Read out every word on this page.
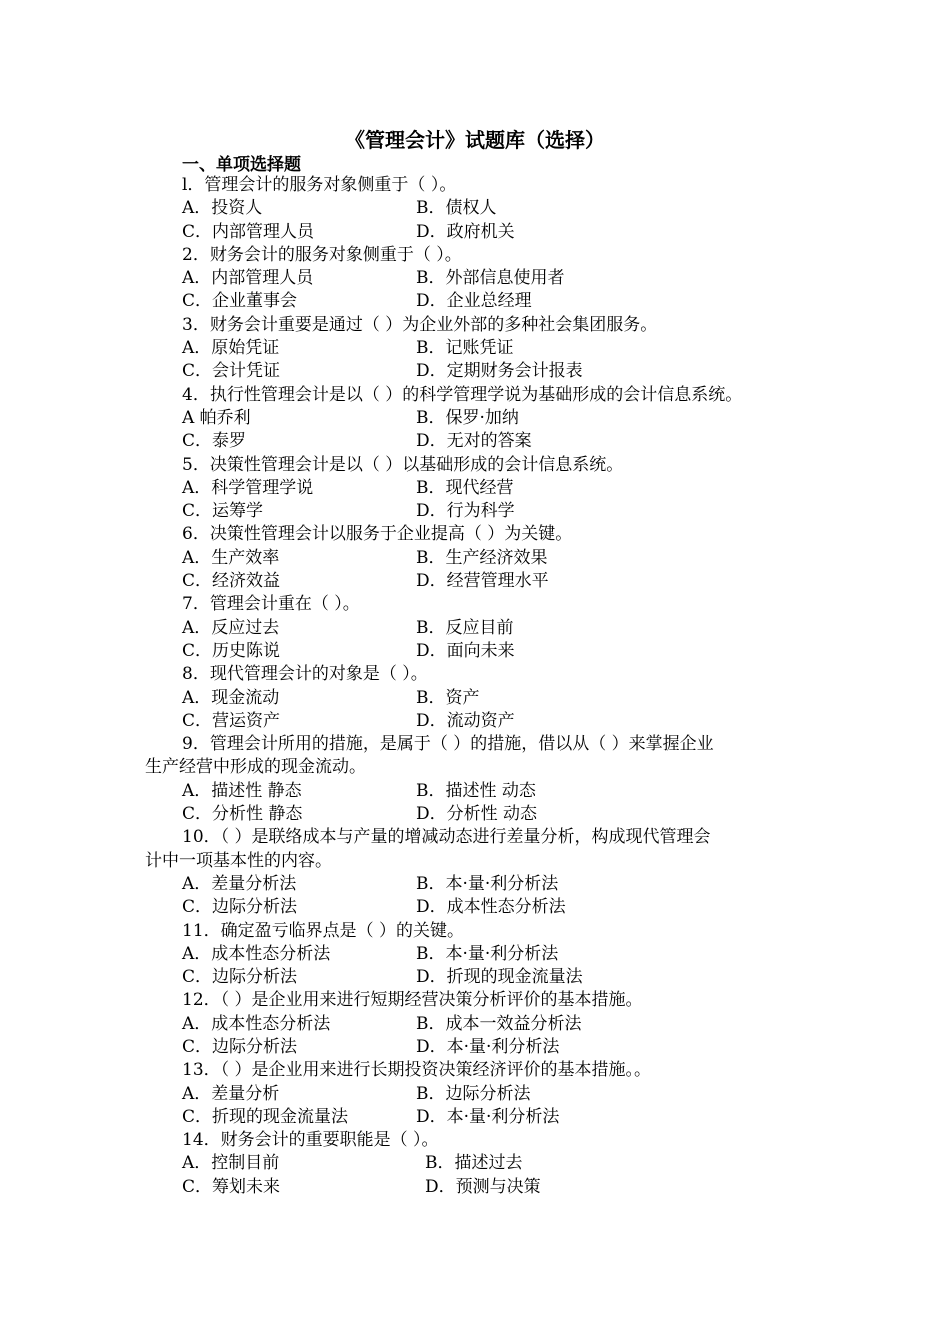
《管理会计》试题库（选择）
一、单项选择题
l．管理会计的服务对象侧重于（ ）。
A．投资人	B．债权人
C．内部管理人员	D．政府机关
2．财务会计的服务对象侧重于（ ）。
A．内部管理人员	B．外部信息使用者
C．企业董事会	D．企业总经理
3．财务会计重要是通过（ ）为企业外部的多种社会集团服务。
A．原始凭证	B．记账凭证
C．会计凭证	D．定期财务会计报表
4．执行性管理会计是以（ ）的科学管理学说为基础形成的会计信息系统。
A 帕乔利	B．保罗·加纳
C．泰罗	D．无对的答案
5．决策性管理会计是以（ ）以基础形成的会计信息系统。
A．科学管理学说	B．现代经营
C．运筹学	D．行为科学
6．决策性管理会计以服务于企业提高（ ）为关键。
A．生产效率	B．生产经济效果
C．经济效益	D．经营管理水平
7．管理会计重在（ ）。
A．反应过去	B．反应目前
C．历史陈说	D．面向未来
8．现代管理会计的对象是（ ）。
A．现金流动	B．资产
C．营运资产	D．流动资产
9．管理会计所用的措施，是属于（ ）的措施，借以从（ ）来掌握企业
生产经营中形成的现金流动。
A．描述性 静态	B．描述性 动态
C．分析性 静态	D．分析性 动态
10．（ ）是联络成本与产量的增减动态进行差量分析，构成现代管理会
计中一项基本性的内容。
A．差量分析法	B．本·量·利分析法
C．边际分析法	D．成本性态分析法
11．确定盈亏临界点是（ ）的关键。
A．成本性态分析法	B．本·量·利分析法
C．边际分析法	D．折现的现金流量法
12．（ ）是企业用来进行短期经营决策分析评价的基本措施。
A．成本性态分析法	B．成本一效益分析法
C．边际分析法	D．本·量·利分析法
13．（ ）是企业用来进行长期投资决策经济评价的基本措施。。
A．差量分析	B．边际分析法
C．折现的现金流量法	D．本·量·利分析法
14．财务会计的重要职能是（ ）。
A．控制目前	B．描述过去
C．筹划未来	D．预测与决策
